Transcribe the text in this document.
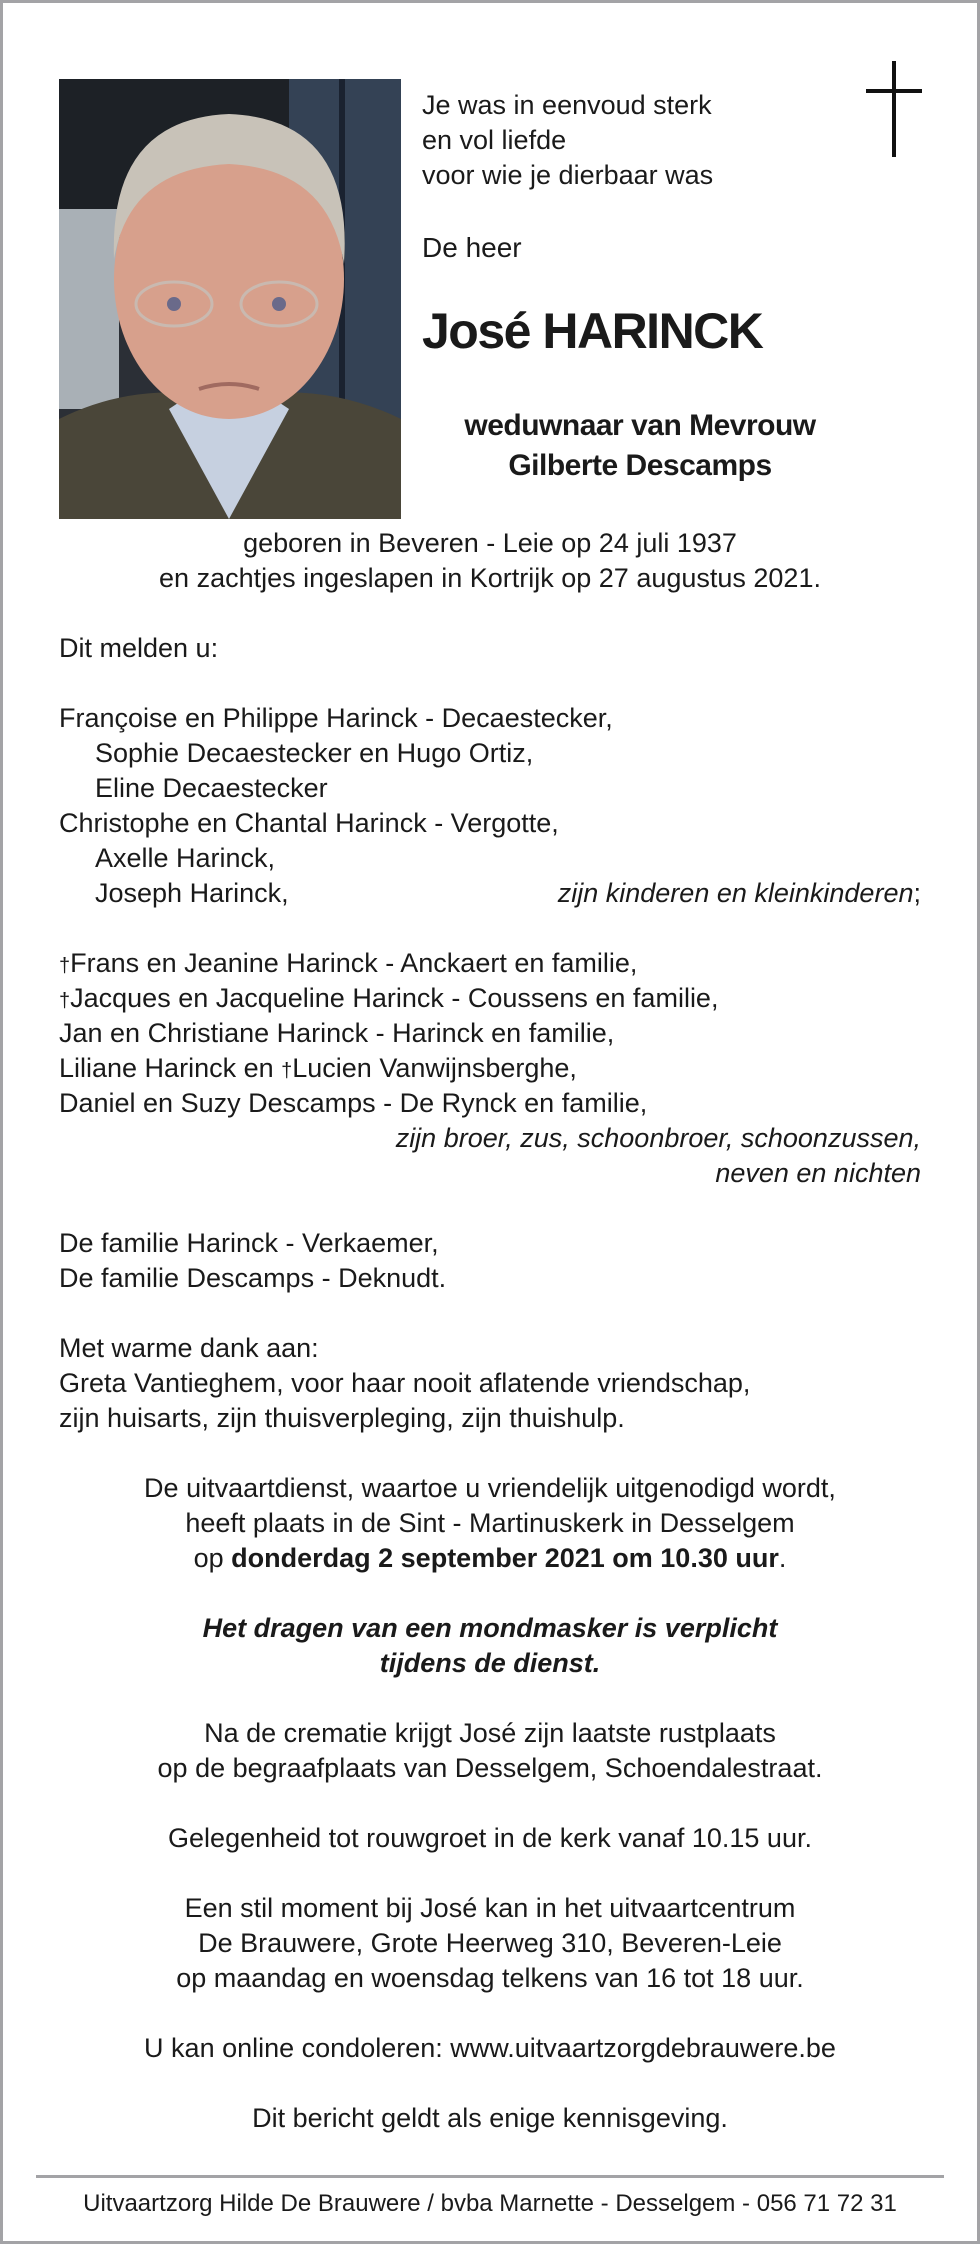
Je was in eenvoud sterk
en vol liefde
voor wie je dierbaar was
De heer
José HARINCK
weduwnaar van Mevrouw
Gilberte Descamps
geboren in Beveren - Leie op 24 juli 1937
en zachtjes ingeslapen in Kortrijk op 27 augustus 2021.
Dit melden u:
Françoise en Philippe Harinck - Decaestecker,
Sophie Decaestecker en Hugo Ortiz,
Eline Decaestecker
Christophe en Chantal Harinck - Vergotte,
Axelle Harinck,
Joseph Harinck,	zijn kinderen en kleinkinderen;
†Frans en Jeanine Harinck - Anckaert en familie,
†Jacques en Jacqueline Harinck - Coussens en familie,
Jan en Christiane Harinck - Harinck en familie,
Liliane Harinck en †Lucien Vanwijnsberghe,
Daniel en Suzy Descamps - De Rynck en familie,
zijn broer, zus, schoonbroer, schoonzussen,
neven en nichten
De familie Harinck - Verkaemer,
De familie Descamps - Deknudt.
Met warme dank aan:
Greta Vantieghem, voor haar nooit aflatende vriendschap,
zijn huisarts, zijn thuisverpleging, zijn thuishulp.
De uitvaartdienst, waartoe u vriendelijk uitgenodigd wordt,
heeft plaats in de Sint - Martinuskerk in Desselgem
op donderdag 2 september 2021 om 10.30 uur.
Het dragen van een mondmasker is verplicht
tijdens de dienst.
Na de crematie krijgt José zijn laatste rustplaats
op de begraafplaats van Desselgem, Schoendalestraat.
Gelegenheid tot rouwgroet in de kerk vanaf 10.15 uur.
Een stil moment bij José kan in het uitvaartcentrum
De Brauwere, Grote Heerweg 310, Beveren-Leie
op maandag en woensdag telkens van 16 tot 18 uur.
U kan online condoleren: www.uitvaartzorgdebrauwere.be
Dit bericht geldt als enige kennisgeving.
Uitvaartzorg Hilde De Brauwere / bvba Marnette - Desselgem - 056 71 72 31
